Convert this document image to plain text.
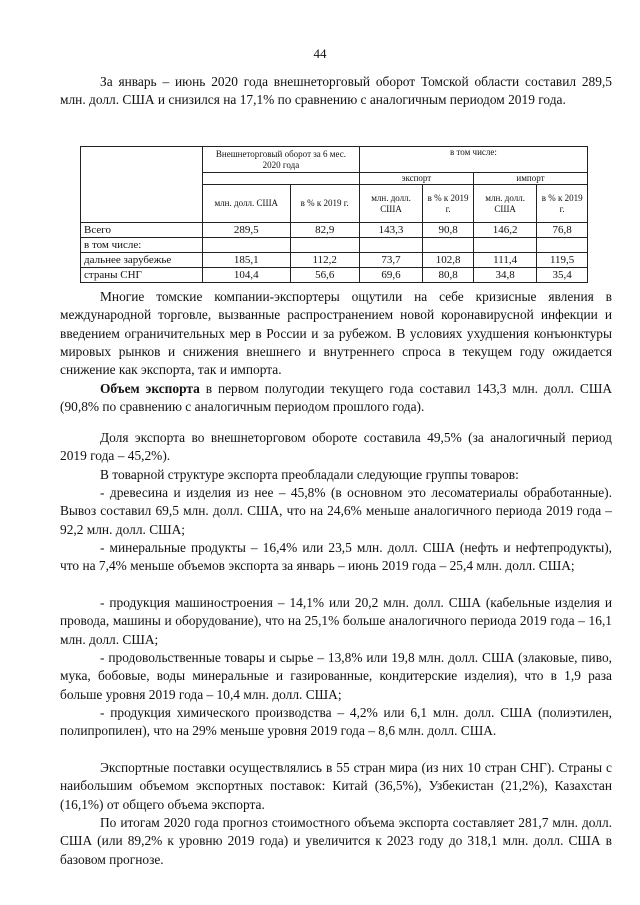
44

За январь – июнь 2020 года внешнеторговый оборот Томской области составил 289,5 млн. долл. США и снизился на 17,1% по сравнению с аналогичным периодом 2019 года.

	Внешнеторговый оборот за 6 мес. 2020 года		в том числе:			
			экспорт		импорт	
	млн. долл. США	в % к 2019 г.	млн. долл. США	в % к 2019 г.	млн. долл. США	в % к 2019 г.
Всего	289,5	82,9	143,3	90,8	146,2	76,8
в том числе:						
дальнее зарубежье	185,1	112,2	73,7	102,8	111,4	119,5
страны СНГ	104,4	56,6	69,6	80,8	34,8	35,4

Многие томские компании-экспортеры ощутили на себе кризисные явления в международной торговле, вызванные распространением новой коронавирусной инфекции и введением ограничительных мер в России и за рубежом. В условиях ухудшения конъюнктуры мировых рынков и снижения внешнего и внутреннего спроса в текущем году ожидается снижение как экспорта, так и импорта.

Объем экспорта в первом полугодии текущего года составил 143,3 млн. долл. США (90,8% по сравнению с аналогичным периодом прошлого года).

Доля экспорта во внешнеторговом обороте составила 49,5% (за аналогичный период 2019 года – 45,2%).

В товарной структуре экспорта преобладали следующие группы товаров:

- древесина и изделия из нее – 45,8% (в основном это лесоматериалы обработанные). Вывоз составил 69,5 млн. долл. США, что на 24,6% меньше аналогичного периода 2019 года – 92,2 млн. долл. США;

- минеральные продукты – 16,4% или 23,5 млн. долл. США (нефть и нефтепродукты), что на 7,4% меньше объемов экспорта за январь – июнь 2019 года – 25,4 млн. долл. США;

- продукция машиностроения – 14,1% или 20,2 млн. долл. США (кабельные изделия и провода, машины и оборудование), что на 25,1% больше аналогичного периода 2019 года – 16,1 млн. долл. США;

- продовольственные товары и сырье – 13,8% или 19,8 млн. долл. США (злаковые, пиво, мука, бобовые, воды минеральные и газированные, кондитерские изделия), что в 1,9 раза больше уровня 2019 года – 10,4 млн. долл. США;

- продукция химического производства – 4,2% или 6,1 млн. долл. США (полиэтилен, полипропилен), что на 29% меньше уровня 2019 года – 8,6 млн. долл. США.

Экспортные поставки осуществлялись в 55 стран мира (из них 10 стран СНГ). Страны с наибольшим объемом экспортных поставок: Китай (36,5%), Узбекистан (21,2%), Казахстан (16,1%) от общего объема экспорта.

По итогам 2020 года прогноз стоимостного объема экспорта составляет 281,7 млн. долл. США (или 89,2% к уровню 2019 года) и увеличится к 2023 году до 318,1 млн. долл. США в базовом прогнозе.
